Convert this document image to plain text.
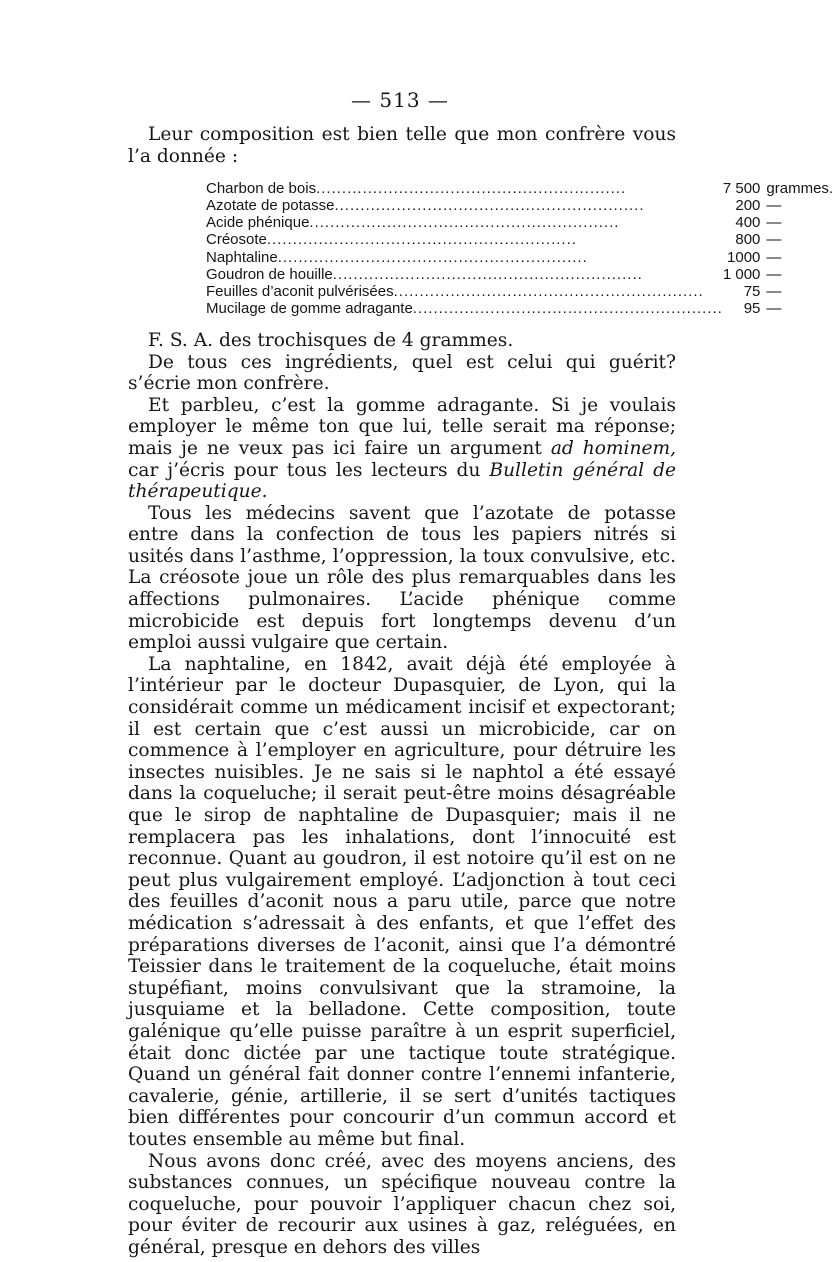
— 513 —

Leur composition est bien telle que mon confrère vous l’a donnée :

Charbon de bois............................................................	7 500	grammes.
Azotate de potasse............................................................	200	—
Acide phénique............................................................	400	—
Créosote............................................................	800	—
Naphtaline............................................................	1000	—
Goudron de houille............................................................	1 000	—
Feuilles d’aconit pulvérisées............................................................	75	—
Mucilage de gomme adragante............................................................	95	—

F. S. A. des trochisques de 4 grammes.

De tous ces ingrédients, quel est celui qui guérit? s’écrie mon confrère.

Et parbleu, c’est la gomme adragante. Si je voulais employer le même ton que lui, telle serait ma réponse; mais je ne veux pas ici faire un argument ad hominem, car j’écris pour tous les lecteurs du Bulletin général de thérapeutique.

Tous les médecins savent que l’azotate de potasse entre dans la confection de tous les papiers nitrés si usités dans l’asthme, l’oppression, la toux convulsive, etc. La créosote joue un rôle des plus remarquables dans les affections pulmonaires. L’acide phénique comme microbicide est depuis fort longtemps devenu d’un emploi aussi vulgaire que certain.

La naphtaline, en 1842, avait déjà été employée à l’intérieur par le docteur Dupasquier, de Lyon, qui la considérait comme un médicament incisif et expectorant; il est certain que c’est aussi un microbicide, car on commence à l’employer en agriculture, pour détruire les insectes nuisibles. Je ne sais si le naphtol a été essayé dans la coqueluche; il serait peut-être moins désagréable que le sirop de naphtaline de Dupasquier; mais il ne remplacera pas les inhalations, dont l’innocuité est reconnue. Quant au goudron, il est notoire qu’il est on ne peut plus vulgairement employé. L’adjonction à tout ceci des feuilles d’aconit nous a paru utile, parce que notre médication s’adressait à des enfants, et que l’effet des préparations diverses de l’aconit, ainsi que l’a démontré Teissier dans le traitement de la coqueluche, était moins stupéfiant, moins convulsivant que la stramoine, la jusquiame et la belladone. Cette composition, toute galénique qu’elle puisse paraître à un esprit superficiel, était donc dictée par une tactique toute stratégique. Quand un général fait donner contre l’ennemi infanterie, cavalerie, génie, artillerie, il se sert d’unités tactiques bien différentes pour concourir d’un commun accord et toutes ensemble au même but final.

Nous avons donc créé, avec des moyens anciens, des substances connues, un spécifique nouveau contre la coqueluche, pour pouvoir l’appliquer chacun chez soi, pour éviter de recourir aux usines à gaz, reléguées, en général, presque en dehors des villes
